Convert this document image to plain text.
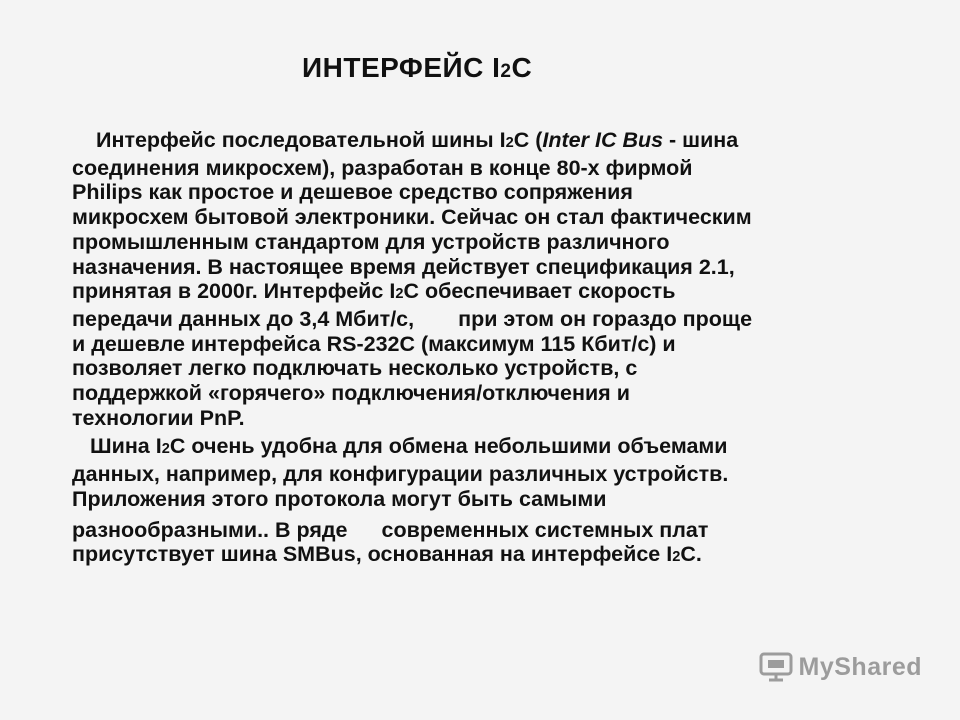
ИНТЕРФЕЙС I2С
Интерфейс последовательной шины I2С (Inter IC Bus - шина
соединения микросхем), разработан в конце 80-х фирмой
Philips как простое и дешевое средство сопряжения
микросхем бытовой электроники. Сейчас он стал фактическим
промышленным стандартом для устройств различного
назначения. В настоящее время действует спецификация 2.1,
принятая в 2000г. Интерфейс I2С обеспечивает скорость
передачи данных до 3,4 Мбит/с, при этом он гораздо проще
и дешевле интерфейса RS-232C (максимум 115 Кбит/с) и
позволяет легко подключать несколько устройств, с
поддержкой «горячего» подключения/отключения и
технологии PnP.
Шина I2С очень удобна для обмена небольшими объемами
данных, например, для конфигурации различных устройств.
Приложения этого протокола могут быть самыми
разнообразными.. В ряде современных системных плат
присутствует шина SMBus, основанная на интерфейсе I2С.
MyShared
